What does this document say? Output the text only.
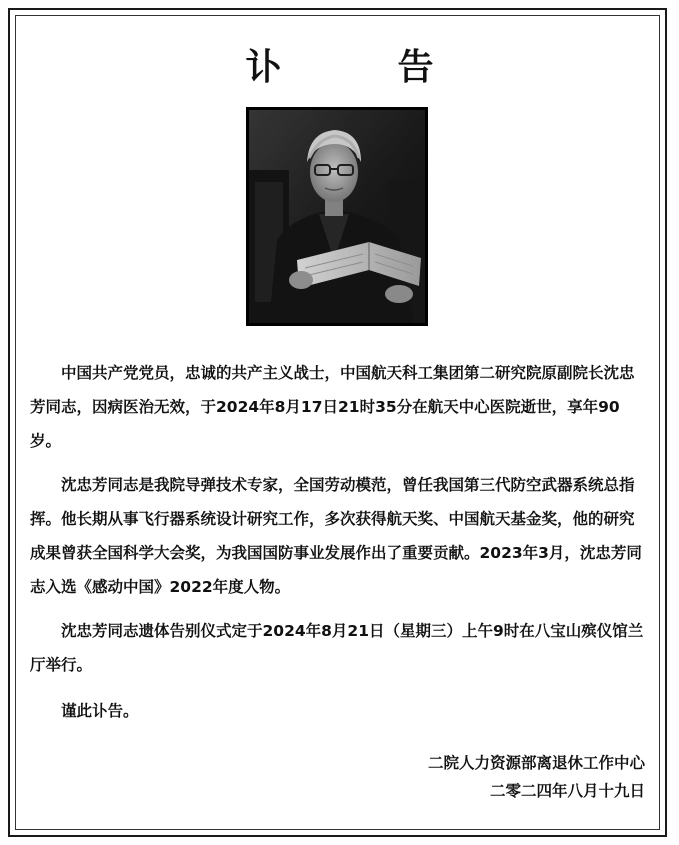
讣　告

中国共产党党员，忠诚的共产主义战士，中国航天科工集团第二研究院原副院长沈忠芳同志，因病医治无效，于2024年8月17日21时35分在航天中心医院逝世，享年90岁。

沈忠芳同志是我院导弹技术专家，全国劳动模范，曾任我国第三代防空武器系统总指挥。他长期从事飞行器系统设计研究工作，多次获得航天奖、中国航天基金奖，他的研究成果曾获全国科学大会奖，为我国国防事业发展作出了重要贡献。2023年3月，沈忠芳同志入选《感动中国》2022年度人物。

沈忠芳同志遗体告别仪式定于2024年8月21日（星期三）上午9时在八宝山殡仪馆兰厅举行。

谨此讣告。

二院人力资源部离退休工作中心
二零二四年八月十九日
